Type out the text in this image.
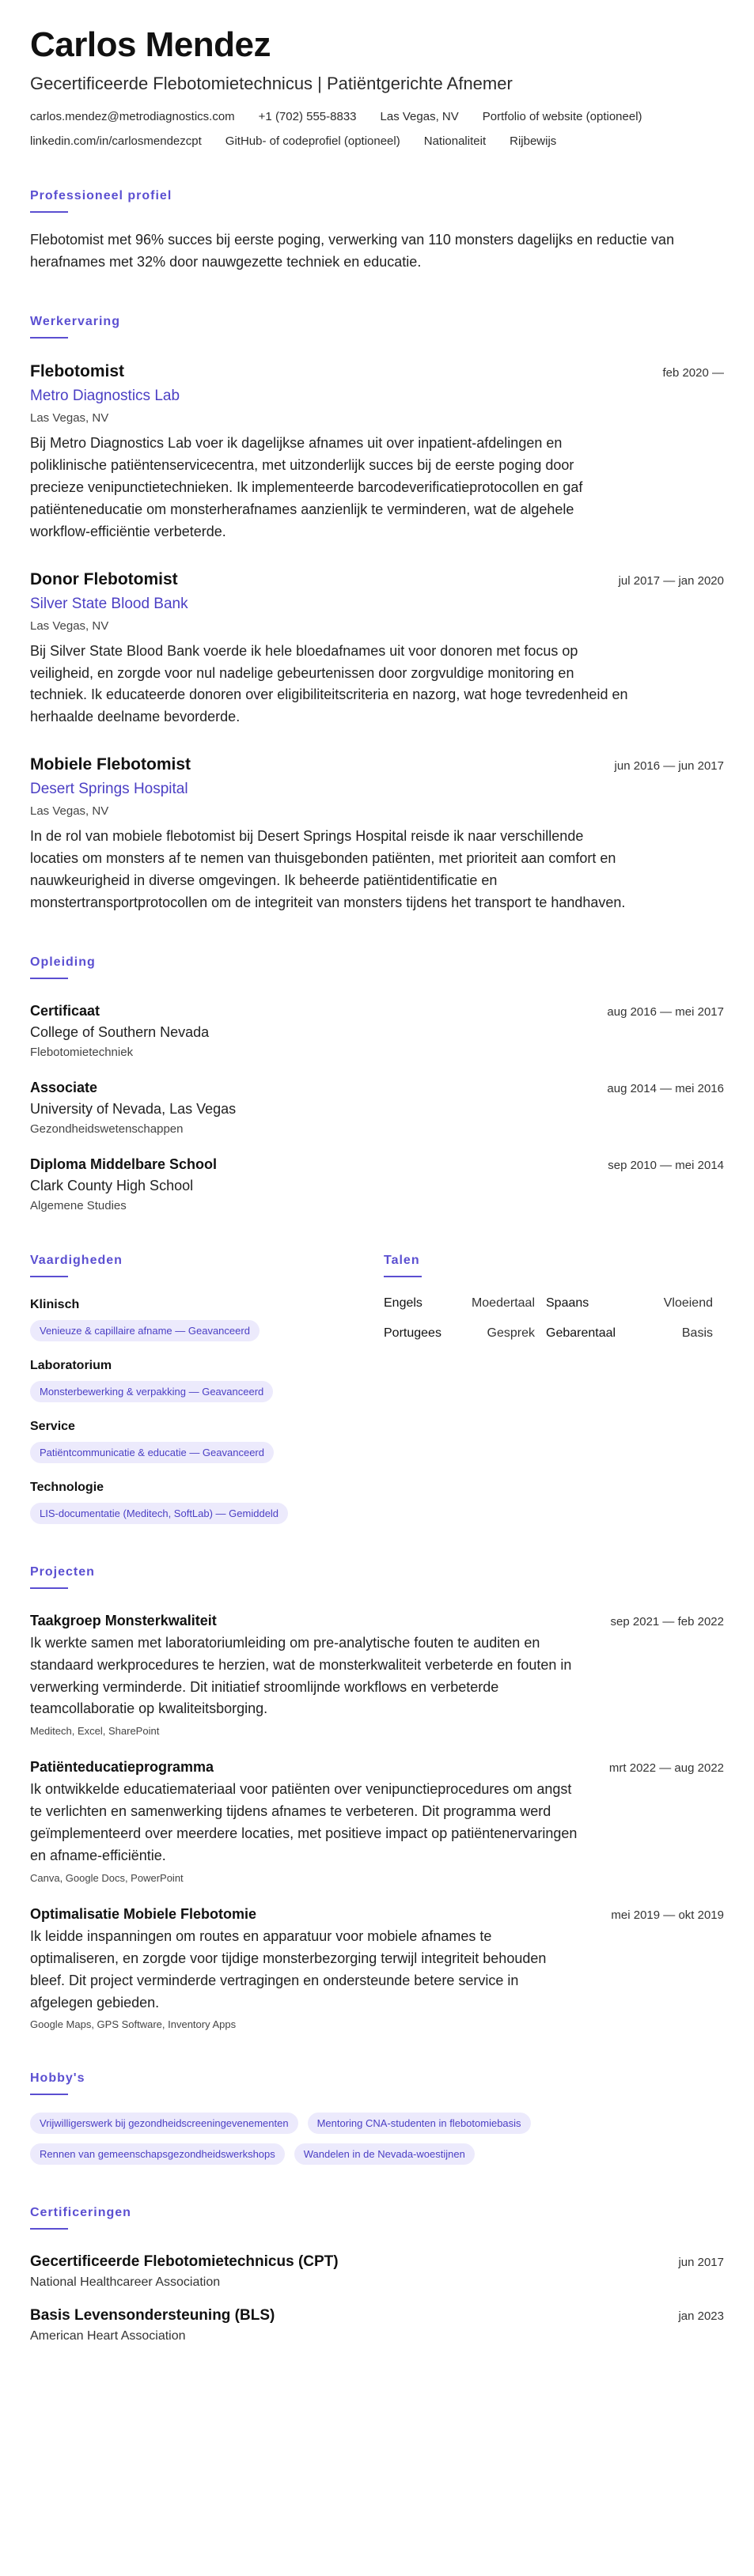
Carlos Mendez
Gecertificeerde Flebotomietechnicus | Patiëntgerichte Afnemer
carlos.mendez@metrodiagnostics.com +1 (702) 555-8833 Las Vegas, NV Portfolio of website (optioneel)
linkedin.com/in/carlosmendezcpt GitHub- of codeprofiel (optioneel) Nationaliteit Rijbewijs
Professioneel profiel
Flebotomist met 96% succes bij eerste poging, verwerking van 110 monsters dagelijks en reductie van herafnames met 32% door nauwgezette techniek en educatie.
Werkervaring
Flebotomist	feb 2020 —
Metro Diagnostics Lab
Las Vegas, NV
Bij Metro Diagnostics Lab voer ik dagelijkse afnames uit over inpatient-afdelingen en poliklinische patiëntenservicecentra, met uitzonderlijk succes bij de eerste poging door precieze venipunctietechnieken. Ik implementeerde barcodeverificatieprotocollen en gaf patiënteneducatie om monsterherafnames aanzienlijk te verminderen, wat de algehele workflow-efficiëntie verbeterde.
Donor Flebotomist	jul 2017 — jan 2020
Silver State Blood Bank
Las Vegas, NV
Bij Silver State Blood Bank voerde ik hele bloedafnames uit voor donoren met focus op veiligheid, en zorgde voor nul nadelige gebeurtenissen door zorgvuldige monitoring en techniek. Ik educateerde donoren over eligibiliteitscriteria en nazorg, wat hoge tevredenheid en herhaalde deelname bevorderde.
Mobiele Flebotomist	jun 2016 — jun 2017
Desert Springs Hospital
Las Vegas, NV
In de rol van mobiele flebotomist bij Desert Springs Hospital reisde ik naar verschillende locaties om monsters af te nemen van thuisgebonden patiënten, met prioriteit aan comfort en nauwkeurigheid in diverse omgevingen. Ik beheerde patiëntidentificatie en monstertransportprotocollen om de integriteit van monsters tijdens het transport te handhaven.
Opleiding
Certificaat	aug 2016 — mei 2017
College of Southern Nevada
Flebotomietechniek
Associate	aug 2014 — mei 2016
University of Nevada, Las Vegas
Gezondheidswetenschappen
Diploma Middelbare School	sep 2010 — mei 2014
Clark County High School
Algemene Studies
Vaardigheden
Klinisch
Venieuze & capillaire afname — Geavanceerd
Laboratorium
Monsterbewerking & verpakking — Geavanceerd
Service
Patiëntcommunicatie & educatie — Geavanceerd
Technologie
LIS-documentatie (Meditech, SoftLab) — Gemiddeld
Talen
Engels	Moedertaal Spaans	Vloeiend
Portugees	Gesprek Gebarentaal	Basis
Projecten
Taakgroep Monsterkwaliteit	sep 2021 — feb 2022
Ik werkte samen met laboratoriumleiding om pre-analytische fouten te auditen en standaard werkprocedures te herzien, wat de monsterkwaliteit verbeterde en fouten in verwerking verminderde. Dit initiatief stroomlijnde workflows en verbeterde teamcollaboratie op kwaliteitsborging.
Meditech, Excel, SharePoint
Patiënteducatieprogramma	mrt 2022 — aug 2022
Ik ontwikkelde educatiemateriaal voor patiënten over venipunctieprocedures om angst te verlichten en samenwerking tijdens afnames te verbeteren. Dit programma werd geïmplementeerd over meerdere locaties, met positieve impact op patiëntenervaringen en afname-efficiëntie.
Canva, Google Docs, PowerPoint
Optimalisatie Mobiele Flebotomie	mei 2019 — okt 2019
Ik leidde inspanningen om routes en apparatuur voor mobiele afnames te optimaliseren, en zorgde voor tijdige monsterbezorging terwijl integriteit behouden bleef. Dit project verminderde vertragingen en ondersteunde betere service in afgelegen gebieden.
Google Maps, GPS Software, Inventory Apps
Hobby's
Vrijwilligerswerk bij gezondheidscreeningevenementen	Mentoring CNA-studenten in flebotomiebasis
Rennen van gemeenschapsgezondheidswerkshops	Wandelen in de Nevada-woestijnen
Certificeringen
Gecertificeerde Flebotomietechnicus (CPT)	jun 2017
National Healthcareer Association
Basis Levensondersteuning (BLS)	jan 2023
American Heart Association
